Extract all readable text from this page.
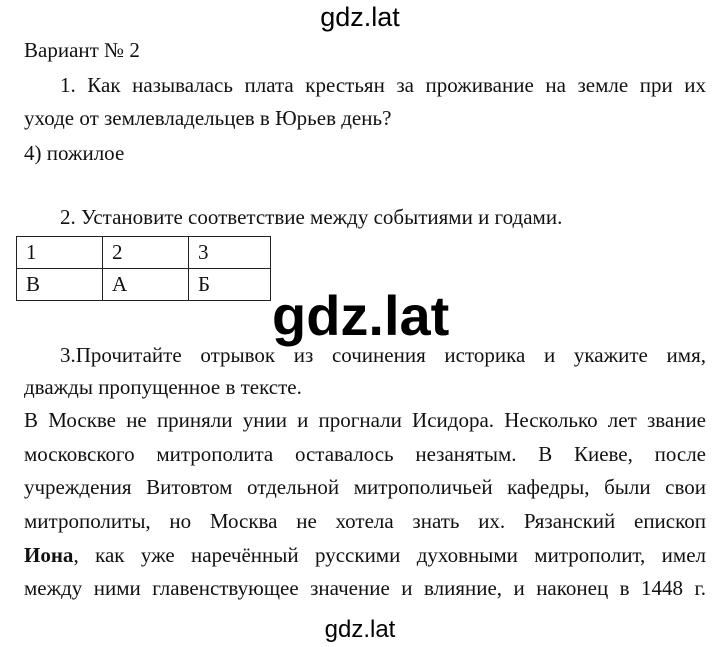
gdz.lat
Вариант № 2
1. Как называлась плата крестьян за проживание на земле при их
уходе от землевладельцев в Юрьев день?
4) пожилое
2. Установите соответствие между событиями и годами.
1	2	3
В	А	Б
3.Прочитайте отрывок из сочинения историка и укажите имя,
дважды пропущенное в тексте.
В Москве не приняли унии и прогнали Исидора. Несколько лет звание
московского митрополита оставалось незанятым. В Киеве, после
учреждения Витовтом отдельной митрополичьей кафедры, были свои
митрополиты, но Москва не хотела знать их. Рязанский епископ
Иона, как уже наречённый русскими духовными митрополит, имел
между ними главенствующее значение и влияние, и наконец в 1448 г.
gdz.lat
gdz.lat
